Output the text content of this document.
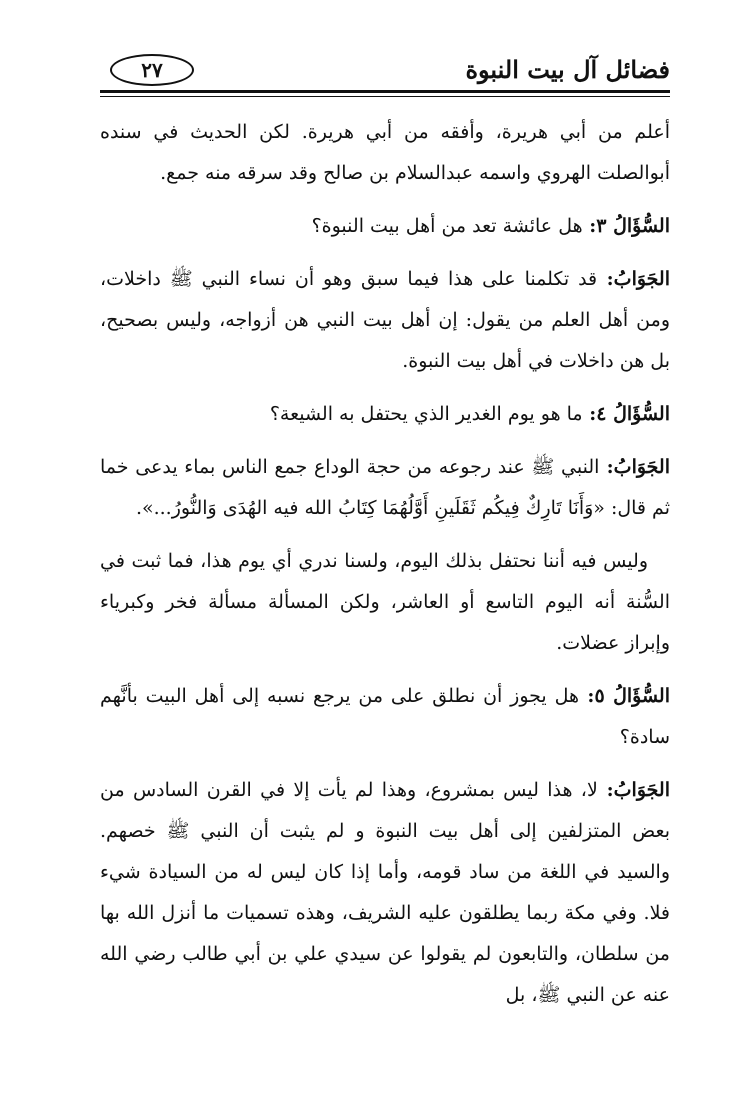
فضائل آل بيت النبوة
٢٧

أعلم من أبي هريرة، وأفقه من أبي هريرة. لكن الحديث في سنده أبوالصلت الهروي واسمه عبدالسلام بن صالح وقد سرقه منه جمع.

السُّؤَالُ ٣: هل عائشة تعد من أهل بيت النبوة؟

الجَوَابُ: قد تكلمنا على هذا فيما سبق وهو أن نساء النبي ﷺ داخلات، ومن أهل العلم من يقول: إن أهل بيت النبي هن أزواجه، وليس بصحيح، بل هن داخلات في أهل بيت النبوة.

السُّؤَالُ ٤: ما هو يوم الغدير الذي يحتفل به الشيعة؟

الجَوَابُ: النبي ﷺ عند رجوعه من حجة الوداع جمع الناس بماء يدعى خما ثم قال: «وَأَنَا تَارِكٌ فِيكُم ثَقَلَينِ أَوَّلُهُمَا كِتَابُ الله فيه الهُدَى وَالنُّورُ...».

وليس فيه أننا نحتفل بذلك اليوم، ولسنا ندري أي يوم هذا، فما ثبت في السُّنة أنه اليوم التاسع أو العاشر، ولكن المسألة مسألة فخر وكبرياء وإبراز عضلات.

السُّؤَالُ ٥: هل يجوز أن نطلق على من يرجع نسبه إلى أهل البيت بأنَّهم سادة؟

الجَوَابُ: لا، هذا ليس بمشروع، وهذا لم يأت إلا في القرن السادس من بعض المتزلفين إلى أهل بيت النبوة و لم يثبت أن النبي ﷺ خصهم. والسيد في اللغة من ساد قومه، وأما إذا كان ليس له من السيادة شيء فلا. وفي مكة ربما يطلقون عليه الشريف، وهذه تسميات ما أنزل الله بها من سلطان، والتابعون لم يقولوا عن سيدي علي بن أبي طالب رضي الله عنه عن النبي ﷺ، بل
